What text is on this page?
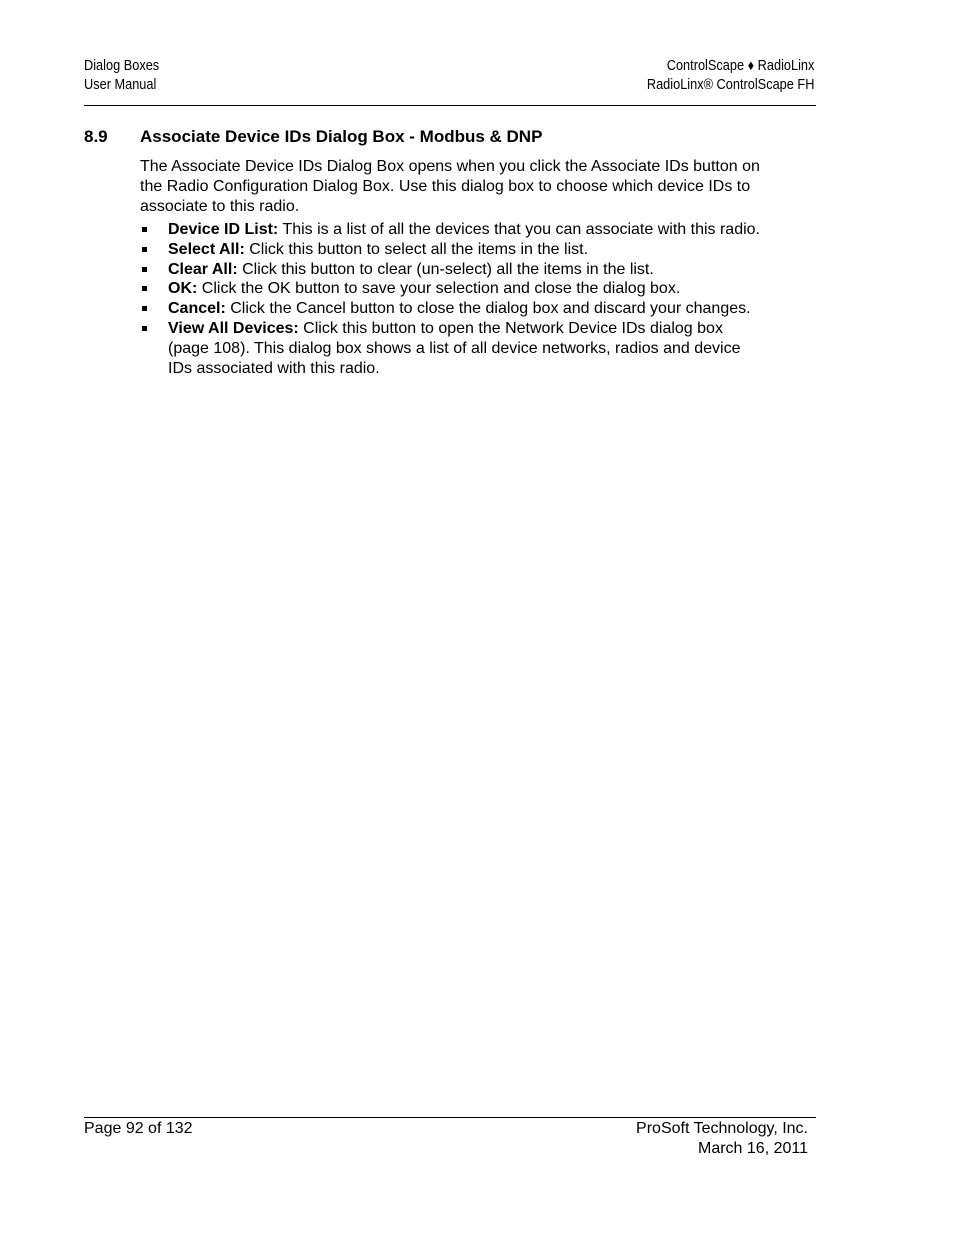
Dialog Boxes
User Manual
ControlScape ♦ RadioLinx
RadioLinx® ControlScape FH
8.9 Associate Device IDs Dialog Box - Modbus & DNP
The Associate Device IDs Dialog Box opens when you click the Associate IDs button on the Radio Configuration Dialog Box. Use this dialog box to choose which device IDs to associate to this radio.
Device ID List: This is a list of all the devices that you can associate with this radio.
Select All: Click this button to select all the items in the list.
Clear All: Click this button to clear (un-select) all the items in the list.
OK: Click the OK button to save your selection and close the dialog box.
Cancel: Click the Cancel button to close the dialog box and discard your changes.
View All Devices: Click this button to open the Network Device IDs dialog box (page 108). This dialog box shows a list of all device networks, radios and device IDs associated with this radio.
Page 92 of 132	ProSoft Technology, Inc.
March 16, 2011
